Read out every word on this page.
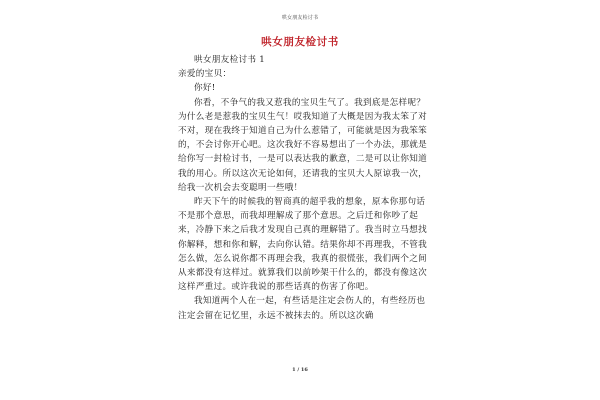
哄女朋友检讨书
哄女朋友检讨书

哄女朋友检讨书 1

亲爱的宝贝：

你好!

你看，不争气的我又惹我的宝贝生气了。我到底是怎样呢？为什么老是惹我的宝贝生气！哎我知道了大概是因为我太笨了对不对，现在我终于知道自己为什么惹错了，可能就是因为我笨笨的，不会讨你开心吧。这次我好不容易想出了一个办法，那就是给你写一封检讨书，一是可以表达我的歉意，二是可以让你知道我的用心。所以这次无论如何，还请我的宝贝大人原谅我一次，给我一次机会去变聪明一些哦！

昨天下午的时候我的智商真的超乎我的想象，原本你那句话不是那个意思，而我却理解成了那个意思。之后迁和你吵了起来，冷静下来之后我才发现自己真的理解错了。我当时立马想找你解释，想和你和解，去向你认错。结果你却不再理我，不管我怎么做，怎么说你都不再理会我，我真的很慌张，我们两个之间从来都没有这样过。就算我们以前吵架干什么的，都没有像这次这样严重过。或许我说的那些话真的伤害了你吧。

我知道两个人在一起，有些话是注定会伤人的，有些经历也注定会留在记忆里，永远不被抹去的。所以这次确

1 / 16
